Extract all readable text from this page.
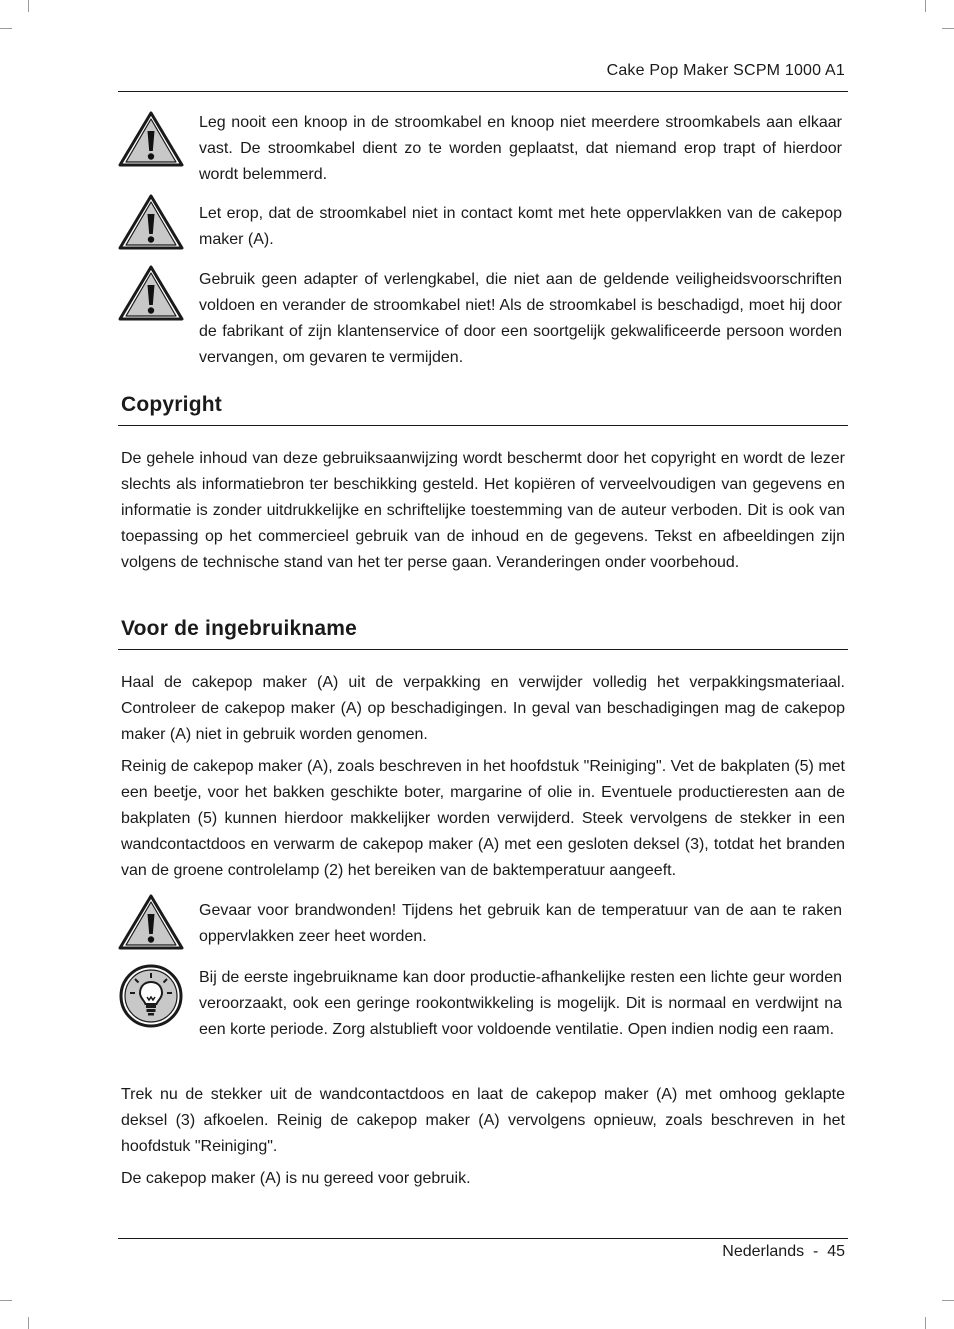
Cake Pop Maker SCPM 1000 A1

Leg nooit een knoop in de stroomkabel en knoop niet meerdere stroomkabels aan elkaar vast. De stroomkabel dient zo te worden geplaatst, dat niemand erop trapt of hierdoor wordt belemmerd.

Let erop, dat de stroomkabel niet in contact komt met hete oppervlakken van de cakepop maker (A).

Gebruik geen adapter of verlengkabel, die niet aan de geldende veiligheidsvoorschriften voldoen en verander de stroomkabel niet! Als de stroomkabel is beschadigd, moet hij door de fabrikant of zijn klantenservice of door een soortgelijk gekwalificeerde persoon worden vervangen, om gevaren te vermijden.

Copyright

De gehele inhoud van deze gebruiksaanwijzing wordt beschermt door het copyright en wordt de lezer slechts als informatiebron ter beschikking gesteld. Het kopiëren of verveelvoudigen van gegevens en informatie is zonder uitdrukkelijke en schriftelijke toestemming van de auteur verboden. Dit is ook van toepassing op het commercieel gebruik van de inhoud en de gegevens. Tekst en afbeeldingen zijn volgens de technische stand van het ter perse gaan. Veranderingen onder voorbehoud.

Voor de ingebruikname

Haal de cakepop maker (A) uit de verpakking en verwijder volledig het verpakkingsmateriaal. Controleer de cakepop maker (A) op beschadigingen. In geval van beschadigingen mag de cakepop maker (A) niet in gebruik worden genomen.

Reinig de cakepop maker (A), zoals beschreven in het hoofdstuk "Reiniging". Vet de bakplaten (5) met een beetje, voor het bakken geschikte boter, margarine of olie in. Eventuele productieresten aan de bakplaten (5) kunnen hierdoor makkelijker worden verwijderd. Steek vervolgens de stekker in een wandcontactdoos en verwarm de cakepop maker (A) met een gesloten deksel (3), totdat het branden van de groene controlelamp (2) het bereiken van de baktemperatuur aangeeft.

Gevaar voor brandwonden! Tijdens het gebruik kan de temperatuur van de aan te raken oppervlakken zeer heet worden.

Bij de eerste ingebruikname kan door productie-afhankelijke resten een lichte geur worden veroorzaakt, ook een geringe rookontwikkeling is mogelijk. Dit is normaal en verdwijnt na een korte periode. Zorg alstublieft voor voldoende ventilatie. Open indien nodig een raam.

Trek nu de stekker uit de wandcontactdoos en laat de cakepop maker (A) met omhoog geklapte deksel (3) afkoelen. Reinig de cakepop maker (A) vervolgens opnieuw, zoals beschreven in het hoofdstuk "Reiniging".

De cakepop maker (A) is nu gereed voor gebruik.

Nederlands  -  45
